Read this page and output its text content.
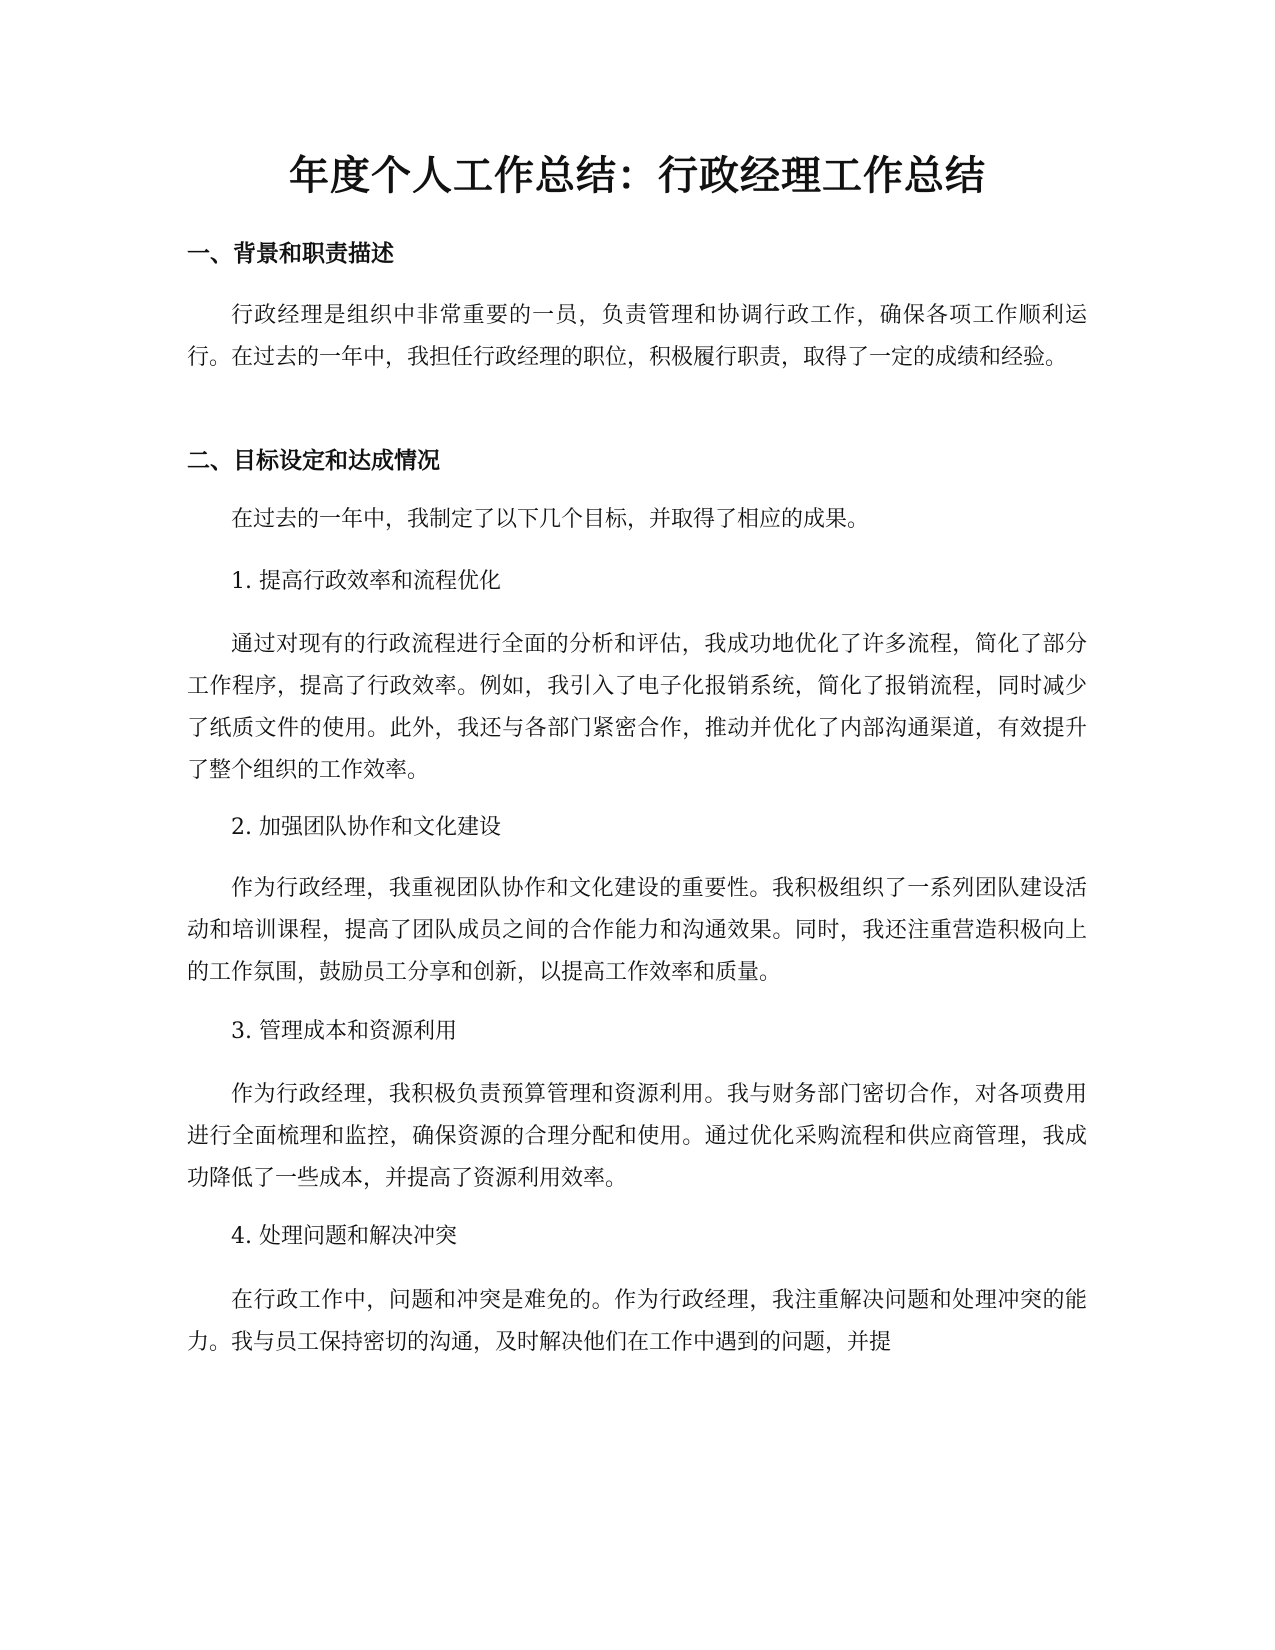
年度个人工作总结：行政经理工作总结
一、背景和职责描述

行政经理是组织中非常重要的一员，负责管理和协调行政工作，确保各项工作顺利运行。在过去的一年中，我担任行政经理的职位，积极履行职责，取得了一定的成绩和经验。

二、目标设定和达成情况

在过去的一年中，我制定了以下几个目标，并取得了相应的成果。

1. 提高行政效率和流程优化

通过对现有的行政流程进行全面的分析和评估，我成功地优化了许多流程，简化了部分工作程序，提高了行政效率。例如，我引入了电子化报销系统，简化了报销流程，同时减少了纸质文件的使用。此外，我还与各部门紧密合作，推动并优化了内部沟通渠道，有效提升了整个组织的工作效率。

2. 加强团队协作和文化建设

作为行政经理，我重视团队协作和文化建设的重要性。我积极组织了一系列团队建设活动和培训课程，提高了团队成员之间的合作能力和沟通效果。同时，我还注重营造积极向上的工作氛围，鼓励员工分享和创新，以提高工作效率和质量。

3. 管理成本和资源利用

作为行政经理，我积极负责预算管理和资源利用。我与财务部门密切合作，对各项费用进行全面梳理和监控，确保资源的合理分配和使用。通过优化采购流程和供应商管理，我成功降低了一些成本，并提高了资源利用效率。

4. 处理问题和解决冲突

在行政工作中，问题和冲突是难免的。作为行政经理，我注重解决问题和处理冲突的能力。我与员工保持密切的沟通，及时解决他们在工作中遇到的问题，并提
